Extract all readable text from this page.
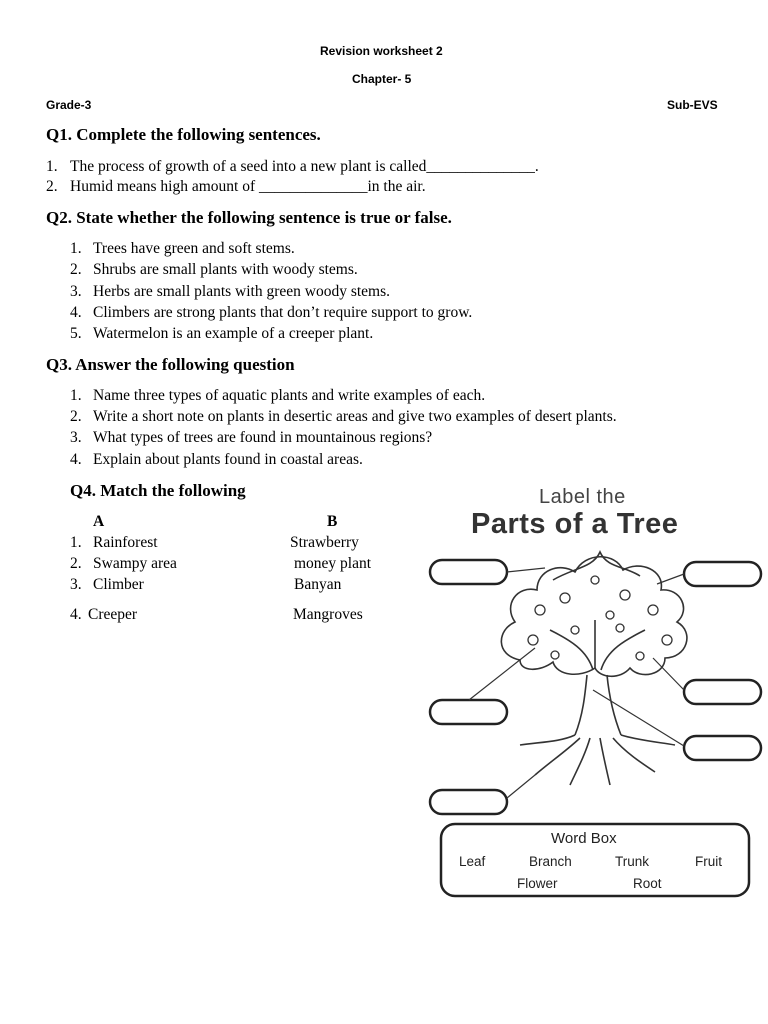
Revision worksheet 2
Chapter- 5
Grade-3	Sub-EVS
Q1. Complete the following sentences.
1. The process of growth of a seed into a new plant is called______________.
2. Humid means high amount of ______________in the air.
Q2. State whether the following sentence is true or false.
1. Trees have green and soft stems.
2. Shrubs are small plants with woody stems.
3. Herbs are small plants with green woody stems.
4. Climbers are strong plants that don’t require support to grow.
5. Watermelon is an example of a creeper plant.
Q3. Answer the following question
1. Name three types of aquatic plants and write examples of each.
2. Write a short note on plants in desertic areas and give two examples of desert plants.
3. What types of trees are found in mountainous regions?
4. Explain about plants found in coastal areas.
Q4. Match the following
A	B
1. Rainforest	Strawberry
2. Swampy area	money plant
3. Climber	Banyan
4. Creeper	Mangroves
Label the
Parts of a Tree
Word Box
Leaf	Branch	Trunk	Fruit
Flower	Root
